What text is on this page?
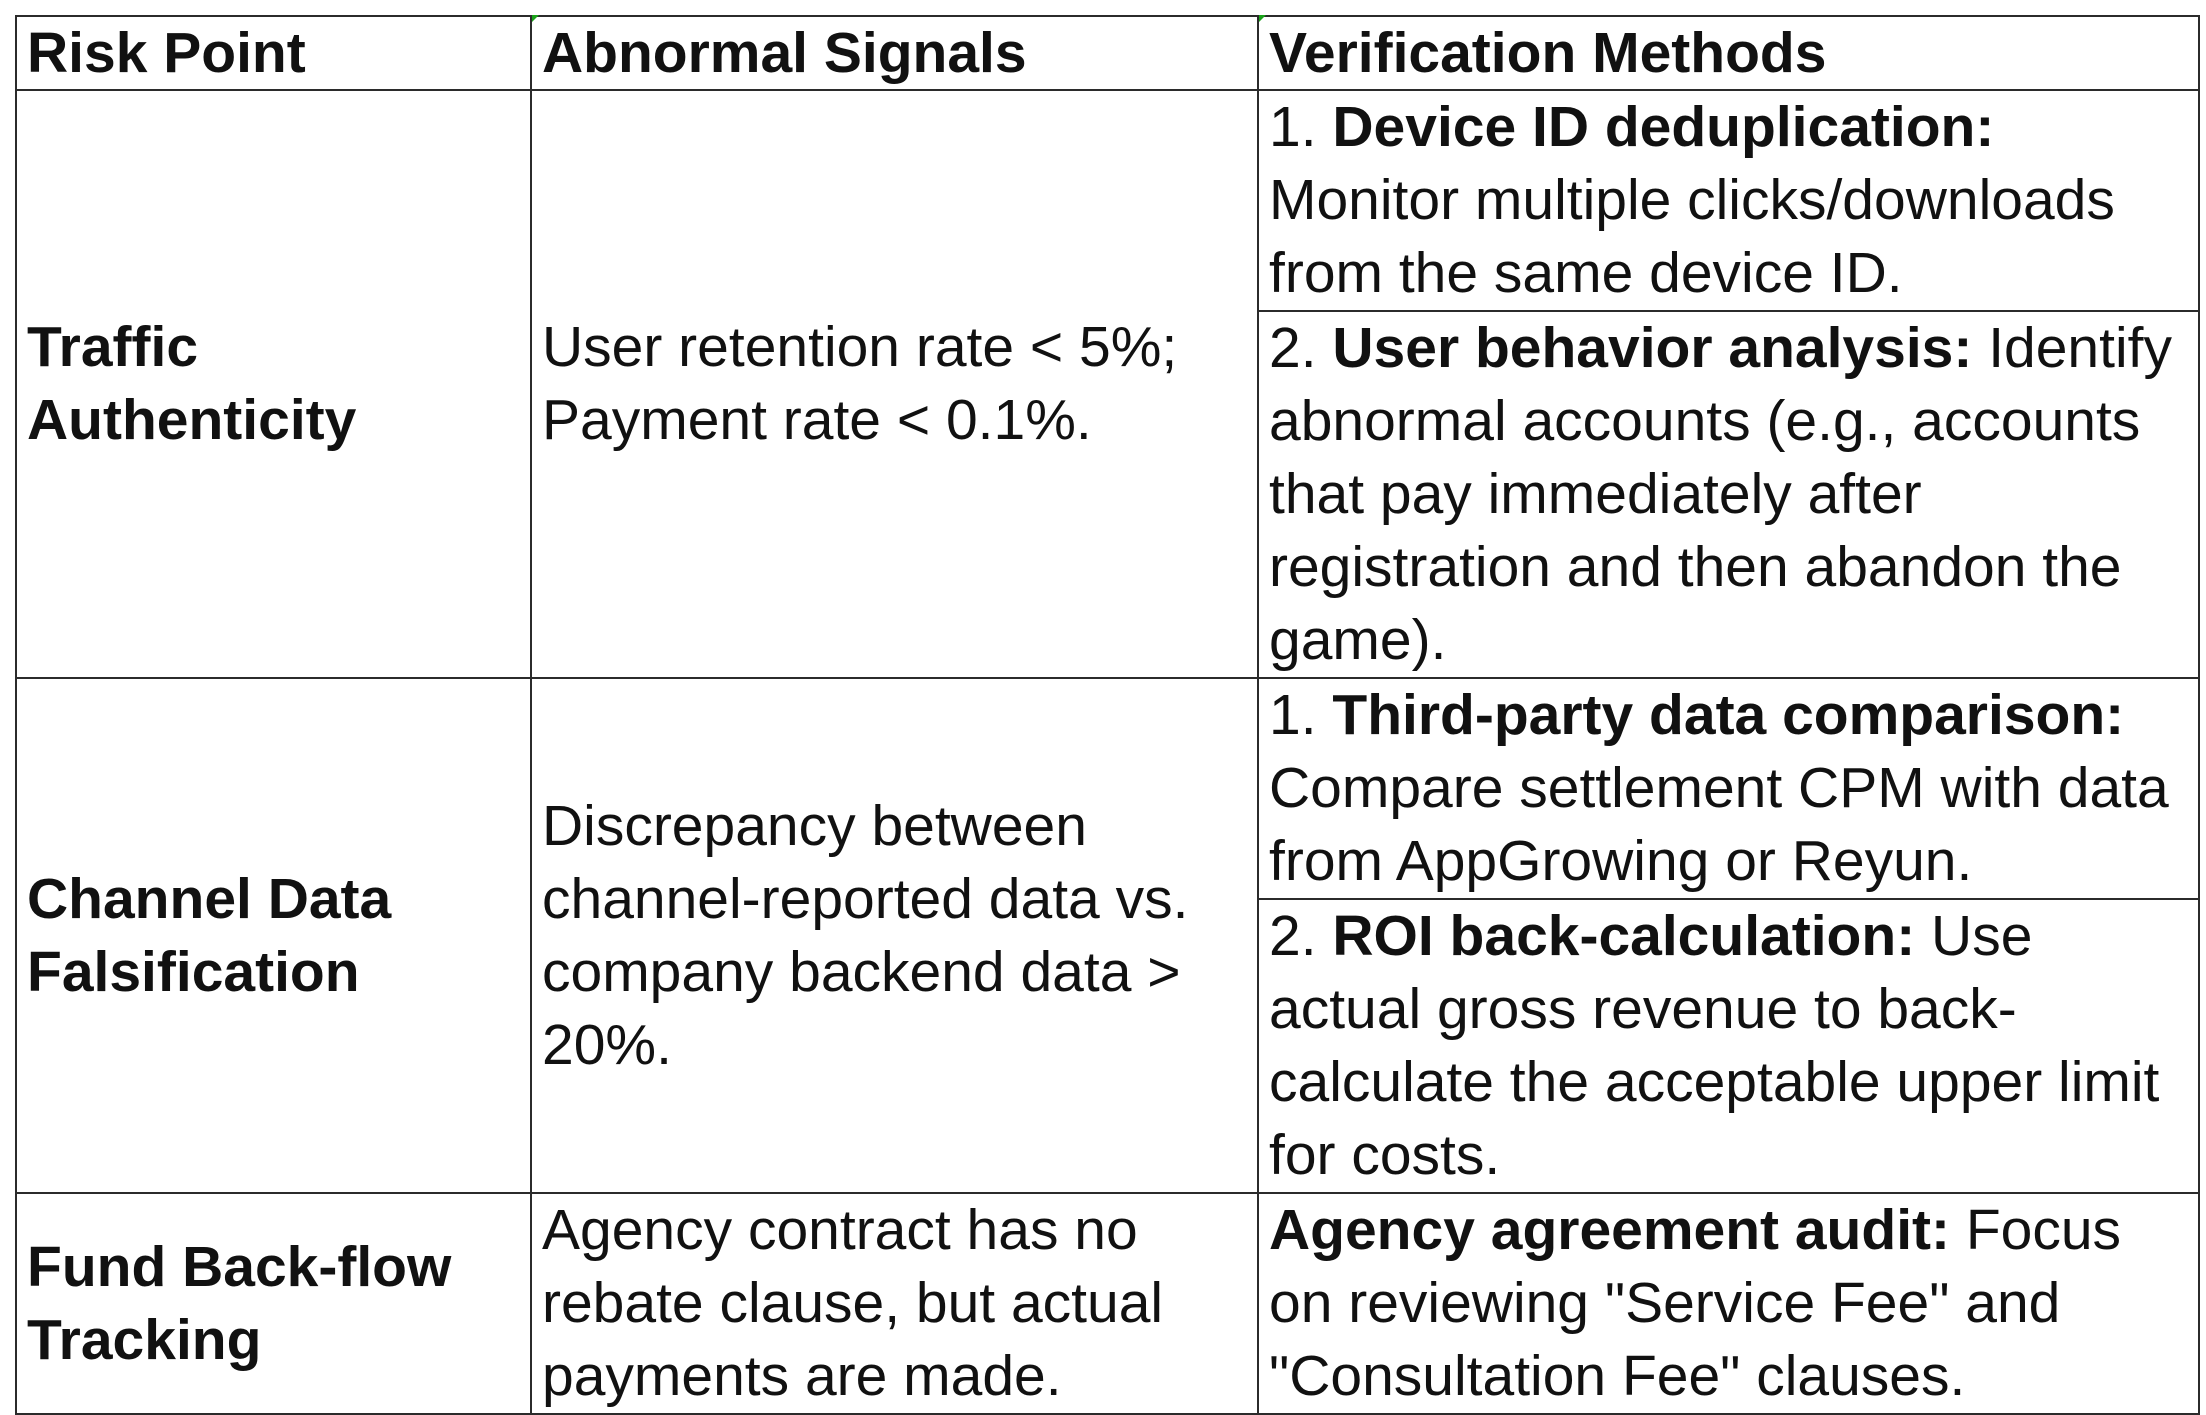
Risk Point	Abnormal Signals	Verification Methods

Traffic
Authenticity	User retention rate < 5%; Payment rate < 0.1%.	1. Device ID deduplication: Monitor multiple clicks/downloads from the same device ID.
		2. User behavior analysis: Identify abnormal accounts (e.g., accounts that pay immediately after registration and then abandon the game).

Channel Data
Falsification	Discrepancy between channel-reported data vs. company backend data > 20%.	1. Third-party data comparison: Compare settlement CPM with data from AppGrowing or Reyun.
		2. ROI back-calculation: Use actual gross revenue to back-calculate the acceptable upper limit for costs.

Fund Back-flow
Tracking	Agency contract has no rebate clause, but actual payments are made.	Agency agreement audit: Focus on reviewing "Service Fee" and "Consultation Fee" clauses.
